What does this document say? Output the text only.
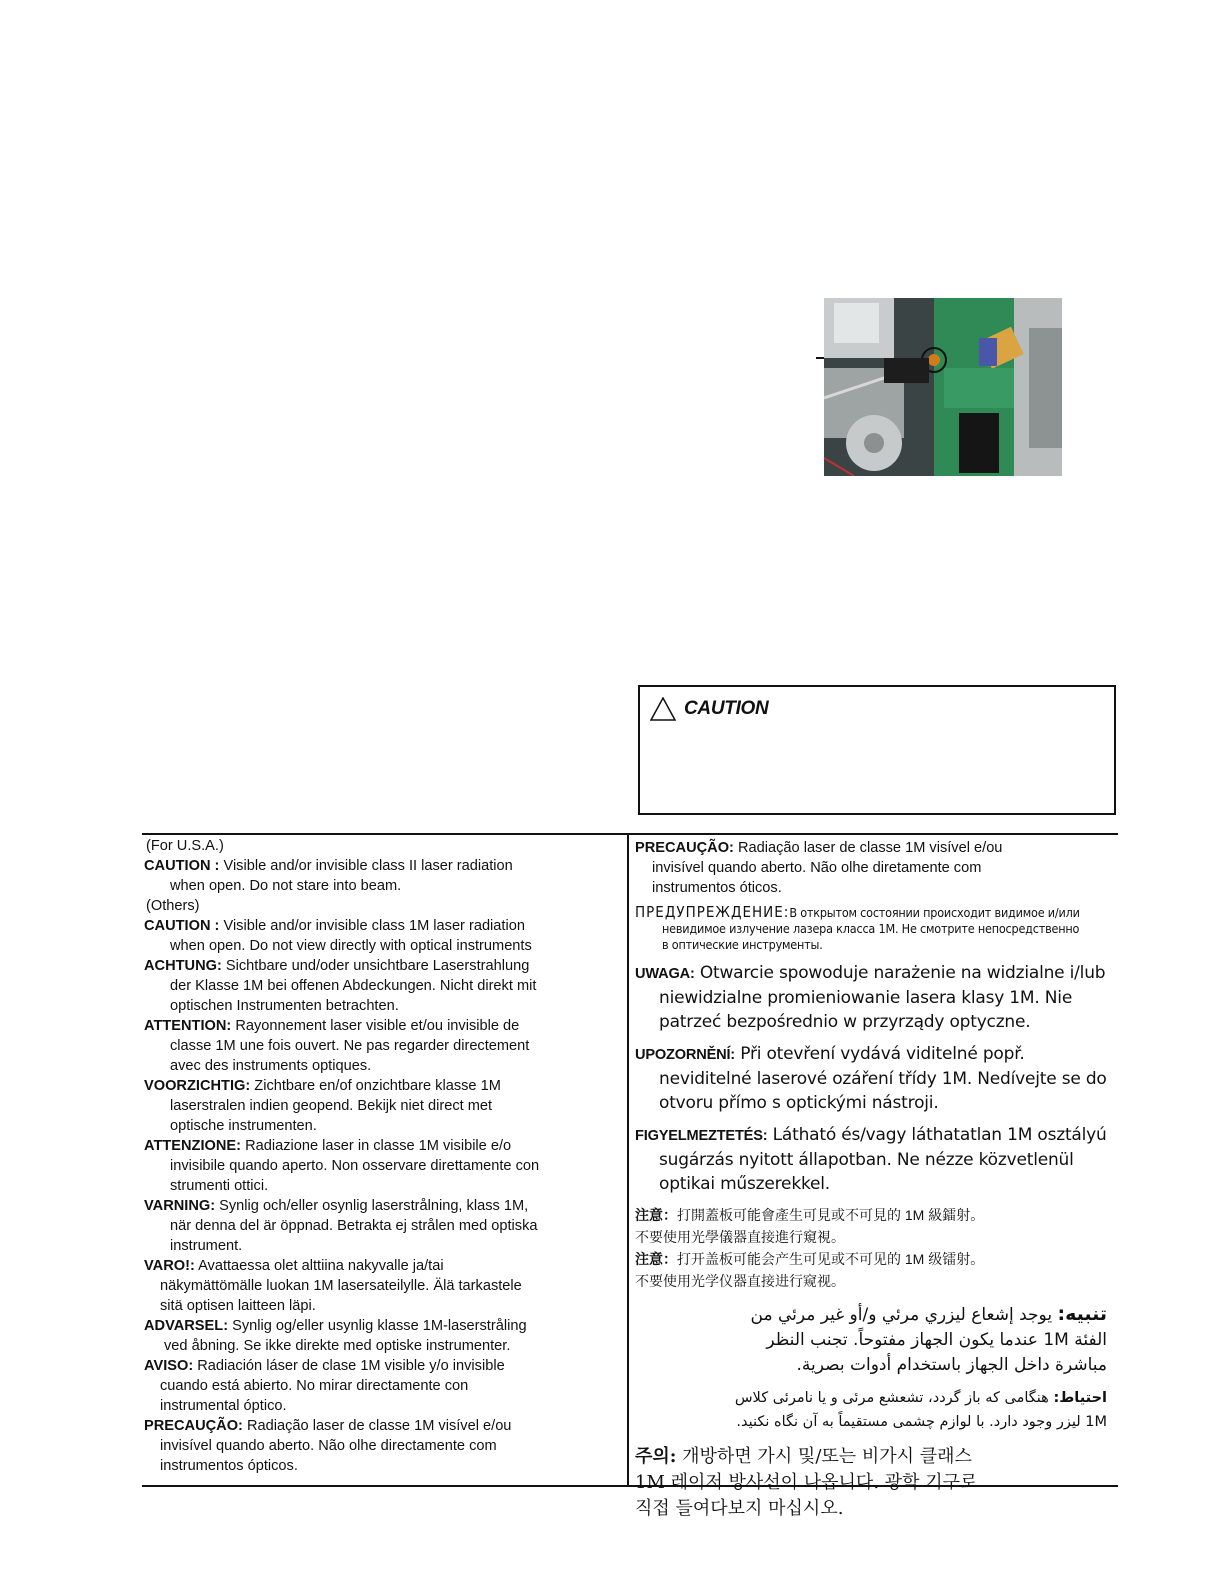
CAUTION
(For U.S.A.)
CAUTION : Visible and/or invisible class II laser radiation
when open. Do not stare into beam.
(Others)
CAUTION : Visible and/or invisible class 1M laser radiation
when open. Do not view directly with optical instruments
ACHTUNG: Sichtbare und/oder unsichtbare Laserstrahlung
der Klasse 1M bei offenen Abdeckungen. Nicht direkt mit
optischen Instrumenten betrachten.
ATTENTION: Rayonnement laser visible et/ou invisible de
classe 1M une fois ouvert. Ne pas regarder directement
avec des instruments optiques.
VOORZICHTIG: Zichtbare en/of onzichtbare klasse 1M
laserstralen indien geopend. Bekijk niet direct met
optische instrumenten.
ATTENZIONE: Radiazione laser in classe 1M visibile e/o
invisibile quando aperto. Non osservare direttamente con
strumenti ottici.
VARNING: Synlig och/eller osynlig laserstrålning, klass 1M,
när denna del är öppnad. Betrakta ej strålen med optiska
instrument.
VARO!: Avattaessa olet alttiina nakyvalle ja/tai
näkymättömälle luokan 1M lasersateilylle. Älä tarkastele
sitä optisen laitteen läpi.
ADVARSEL: Synlig og/eller usynlig klasse 1M-laserstråling
ved åbning. Se ikke direkte med optiske instrumenter.
AVISO: Radiación láser de clase 1M visible y/o invisible
cuando está abierto. No mirar directamente con
instrumental óptico.
PRECAUÇÃO: Radiação laser de classe 1M visível e/ou
invisível quando aberto. Não olhe directamente com
instrumentos ópticos.
PRECAUÇÃO: Radiação laser de classe 1M visível e/ou
invisível quando aberto. Não olhe diretamente com
instrumentos óticos.
ПРЕДУПРЕЖДЕНИЕ:В открытом состоянии происходит видимое и/или
невидимое излучение лазера класса 1M. Не смотрите непосредственно
в оптические инструменты.
UWAGA: Otwarcie spowoduje narażenie na widzialne i/lub
niewidzialne promieniowanie lasera klasy 1M. Nie
patrzeć bezpośrednio w przyrządy optyczne.
UPOZORNĚNÍ: Při otevření vydává viditelné popř.
neviditelné laserové ozáření třídy 1M. Nedívejte se do
otvoru přímo s optickými nástroji.
FIGYELMEZTETÉS: Látható és/vagy láthatatlan 1M osztályú
sugárzás nyitott állapotban. Ne nézze közvetlenül
optikai műszerekkel.
注意：打開蓋板可能會產生可見或不可見的 1M 級鐳射。
不要使用光學儀器直接進行窺視。
注意：打开盖板可能会产生可见或不可见的 1M 级镭射。
不要使用光学仪器直接进行窥视。
تنبيه: يوجد إشعاع ليزري مرئي و/أو غير مرئي من
الفئة 1M عندما يكون الجهاز مفتوحاً. تجنب النظر
مباشرة داخل الجهاز باستخدام أدوات بصرية.
احتياط: هنگامی که باز گردد، تشعشع مرئی و یا نامرئی کلاس
1M لیزر وجود دارد. با لوازم چشمی مستقیماً به آن نگاه نکنید.
주의: 개방하면 가시 및/또는 비가시 클래스
1M 레이저 방사선이 나옵니다. 광학 기구로
직접 들여다보지 마십시오.
